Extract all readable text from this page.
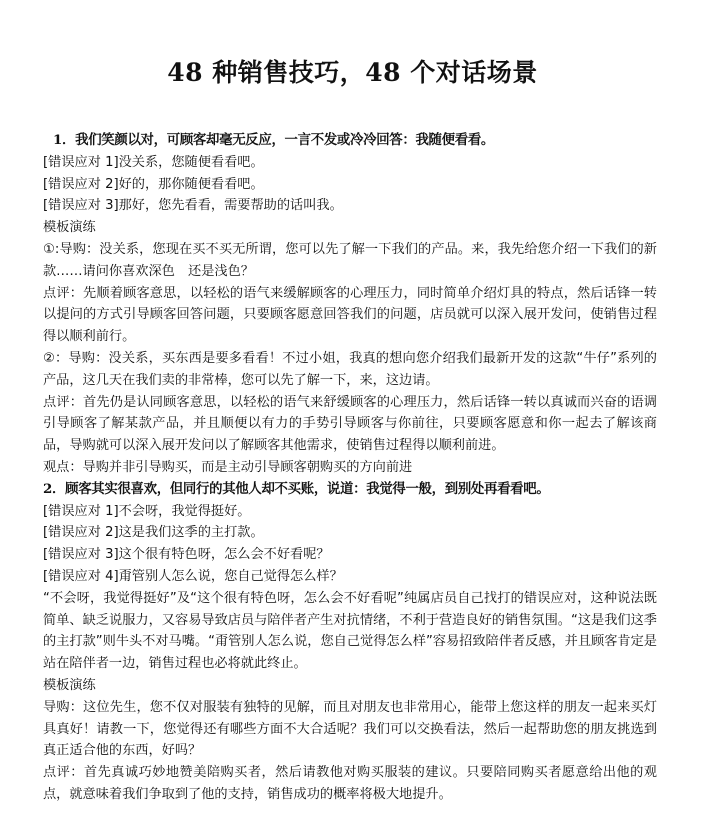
48 种销售技巧，48 个对话场景

1．我们笑颜以对，可顾客却毫无反应，一言不发或冷冷回答：我随便看看。

[错误应对 1]没关系，您随便看看吧。

[错误应对 2]好的，那你随便看看吧。

[错误应对 3]那好，您先看看，需要帮助的话叫我。

模板演练

①:导购：没关系，您现在买不买无所谓，您可以先了解一下我们的产品。来，我先给您介绍一下我们的新款……请问你喜欢深色　还是浅色？

点评：先顺着顾客意思，以轻松的语气来缓解顾客的心理压力，同时简单介绍灯具的特点，然后话锋一转以提问的方式引导顾客回答问题，只要顾客愿意回答我们的问题，店员就可以深入展开发问，使销售过程得以顺利前行。

②：导购：没关系，买东西是要多看看！不过小姐，我真的想向您介绍我们最新开发的这款“牛仔”系列的产品，这几天在我们卖的非常棒，您可以先了解一下，来，这边请。

点评：首先仍是认同顾客意思，以轻松的语气来舒缓顾客的心理压力，然后话锋一转以真诚而兴奋的语调引导顾客了解某款产品，并且顺便以有力的手势引导顾客与你前往，只要顾客愿意和你一起去了解该商品，导购就可以深入展开发问以了解顾客其他需求，使销售过程得以顺利前进。

观点：导购并非引导购买，而是主动引导顾客朝购买的方向前进

2．顾客其实很喜欢，但同行的其他人却不买账，说道：我觉得一般，到别处再看看吧。

[错误应对 1]不会呀，我觉得挺好。

[错误应对 2]这是我们这季的主打款。

[错误应对 3]这个很有特色呀，怎么会不好看呢？

[错误应对 4]甭管别人怎么说，您自己觉得怎么样？

“不会呀，我觉得挺好”及“这个很有特色呀，怎么会不好看呢”纯属店员自己找打的错误应对，这种说法既简单、缺乏说服力，又容易导致店员与陪伴者产生对抗情绪，不利于营造良好的销售氛围。“这是我们这季的主打款”则牛头不对马嘴。“甭管别人怎么说，您自己觉得怎么样”容易招致陪伴者反感，并且顾客肯定是站在陪伴者一边，销售过程也必将就此终止。

模板演练

导购：这位先生，您不仅对服装有独特的见解，而且对朋友也非常用心，能带上您这样的朋友一起来买灯具真好！请教一下，您觉得还有哪些方面不大合适呢？我们可以交换看法，然后一起帮助您的朋友挑选到真正适合他的东西，好吗？

点评：首先真诚巧妙地赞美陪购买者，然后请教他对购买服装的建议。只要陪同购买者愿意给出他的观点，就意味着我们争取到了他的支持，销售成功的概率将极大地提升。
